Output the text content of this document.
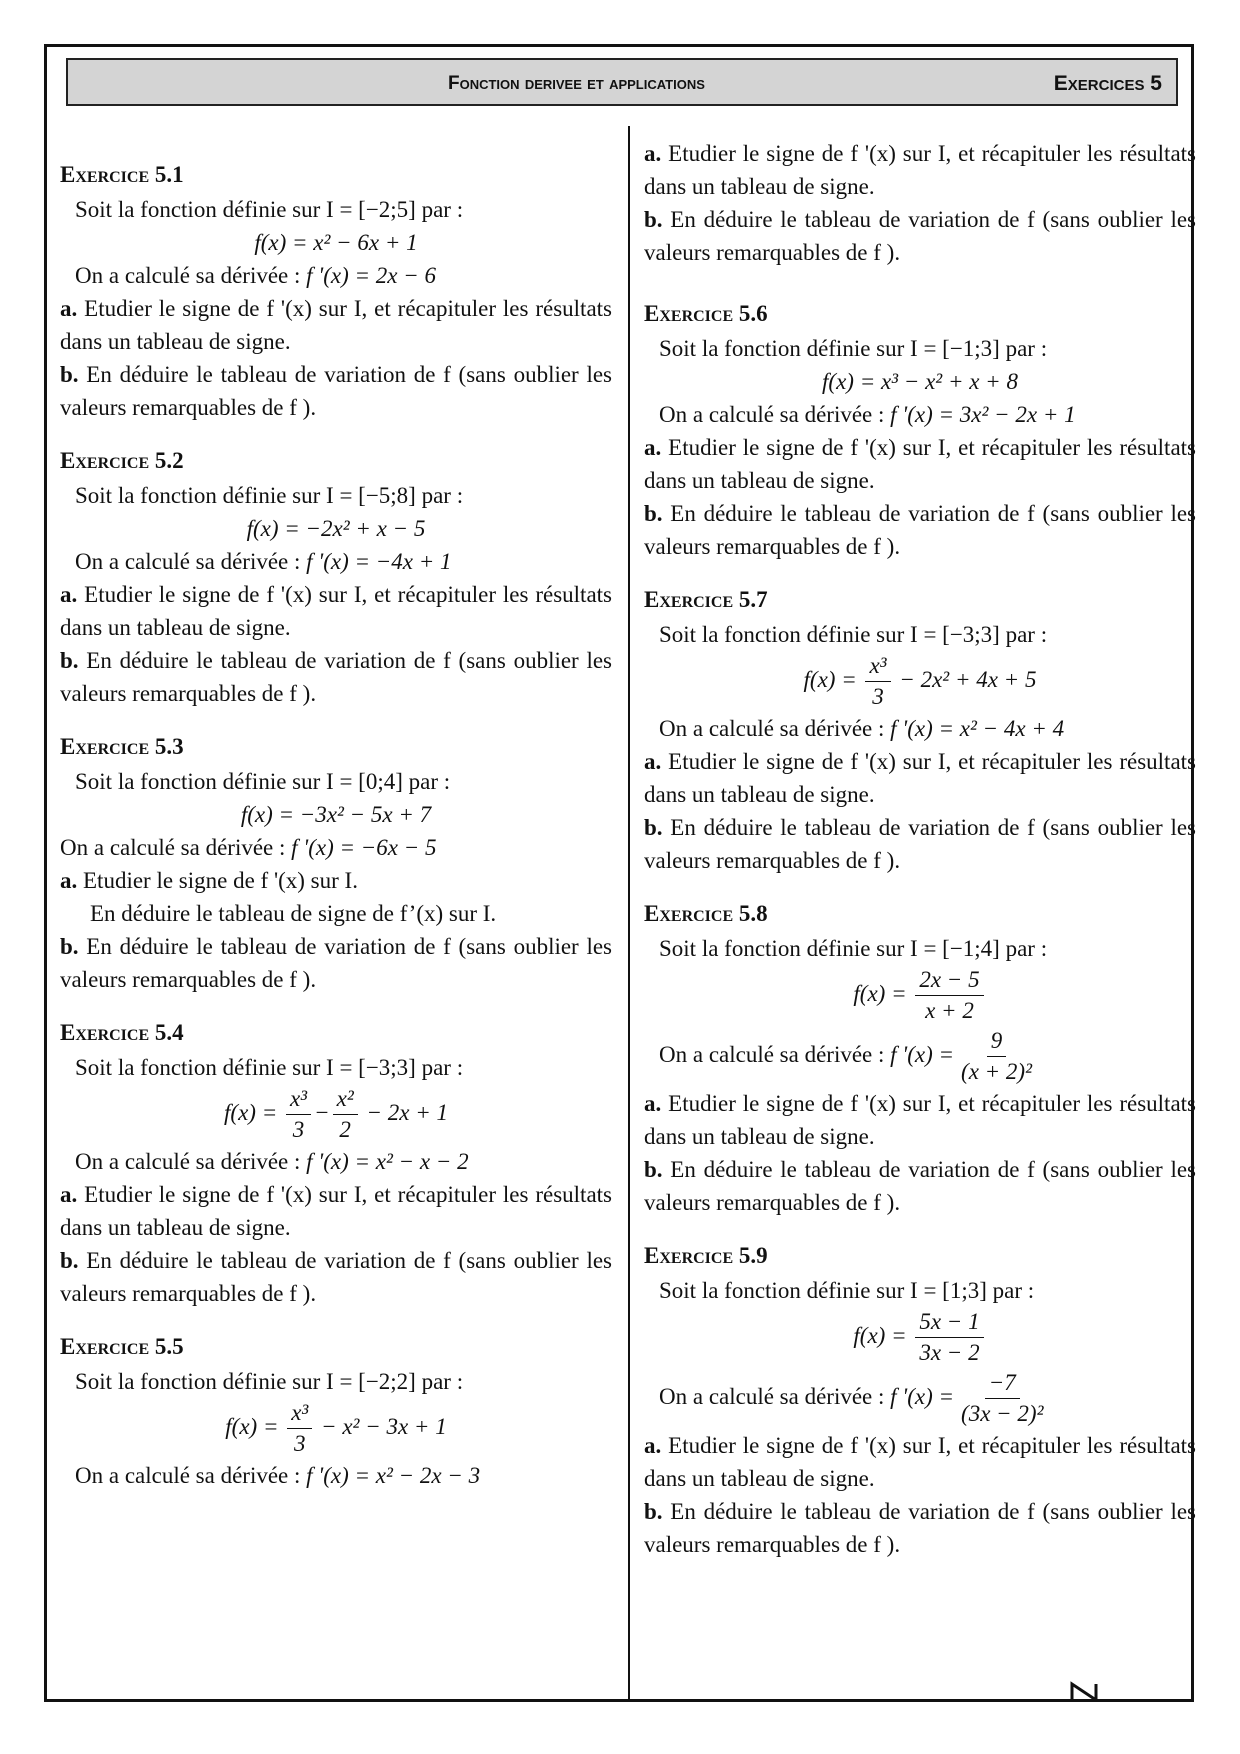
Fonction derivee et applications	Exercices 5

Exercice 5.1

Soit la fonction définie sur I = [−2;5] par :

f(x) = x² − 6x + 1

On a calculé sa dérivée : f '(x) = 2x − 6

a. Etudier le signe de f '(x) sur I, et récapituler les résultats dans un tableau de signe.

b. En déduire le tableau de variation de f (sans oublier les valeurs remarquables de f ).

Exercice 5.2

Soit la fonction définie sur I = [−5;8] par :

f(x) = −2x² + x − 5

On a calculé sa dérivée : f '(x) = −4x + 1

a. Etudier le signe de f '(x) sur I, et récapituler les résultats dans un tableau de signe.

b. En déduire le tableau de variation de f (sans oublier les valeurs remarquables de f ).

Exercice 5.3

Soit la fonction définie sur I = [0;4] par :

f(x) = −3x² − 5x + 7

On a calculé sa dérivée : f '(x) = −6x − 5

a. Etudier le signe de f '(x) sur I.

En déduire le tableau de signe de f’(x) sur I.

b. En déduire le tableau de variation de f (sans oublier les valeurs remarquables de f ).

Exercice 5.4

Soit la fonction définie sur I = [−3;3] par :

$f(x) = \frac{\text{x³}}{3} - \frac{\text{x²}}{2} - 2x + 1$

On a calculé sa dérivée : f '(x) = x² − x − 2

a. Etudier le signe de f '(x) sur I, et récapituler les résultats dans un tableau de signe.

b. En déduire le tableau de variation de f (sans oublier les valeurs remarquables de f ).

Exercice 5.5

Soit la fonction définie sur I = [−2;2] par :

$f(x) = \frac{\text{x³}}{3} - x^2 - 3x + 1$

On a calculé sa dérivée : f '(x) = x² − 2x − 3

a. Etudier le signe de f '(x) sur I, et récapituler les résultats dans un tableau de signe.

b. En déduire le tableau de variation de f (sans oublier les valeurs remarquables de f ).

Exercice 5.6

Soit la fonction définie sur I = [−1;3] par :

f(x) = x³ − x² + x + 8

On a calculé sa dérivée : f '(x) = 3x² − 2x + 1

a. Etudier le signe de f '(x) sur I, et récapituler les résultats dans un tableau de signe.

b. En déduire le tableau de variation de f (sans oublier les valeurs remarquables de f ).

Exercice 5.7

Soit la fonction définie sur I = [−3;3] par :

$f(x) = \frac{\text{x³}}{3} - 2x^2 + 4x + 5$

On a calculé sa dérivée : f '(x) = x² − 4x + 4

a. Etudier le signe de f '(x) sur I, et récapituler les résultats dans un tableau de signe.

b. En déduire le tableau de variation de f (sans oublier les valeurs remarquables de f ).

Exercice 5.8

Soit la fonction définie sur I = [−1;4] par :

$f(x) = \frac{2x - 5}{x + 2}$

On a calculé sa dérivée : f '$(x) = \frac{9}{\text{(x + 2)²}}$

a. Etudier le signe de f '(x) sur I, et récapituler les résultats dans un tableau de signe.

b. En déduire le tableau de variation de f (sans oublier les valeurs remarquables de f ).

Exercice 5.9

Soit la fonction définie sur I = [1;3] par :

$f(x) = \frac{5x - 1}{3x - 2}$

On a calculé sa dérivée : f '$(x) = \frac{-7}{\text{(3x − 2)²}}$

a. Etudier le signe de f '(x) sur I, et récapituler les résultats dans un tableau de signe.

b. En déduire le tableau de variation de f (sans oublier les valeurs remarquables de f ).
